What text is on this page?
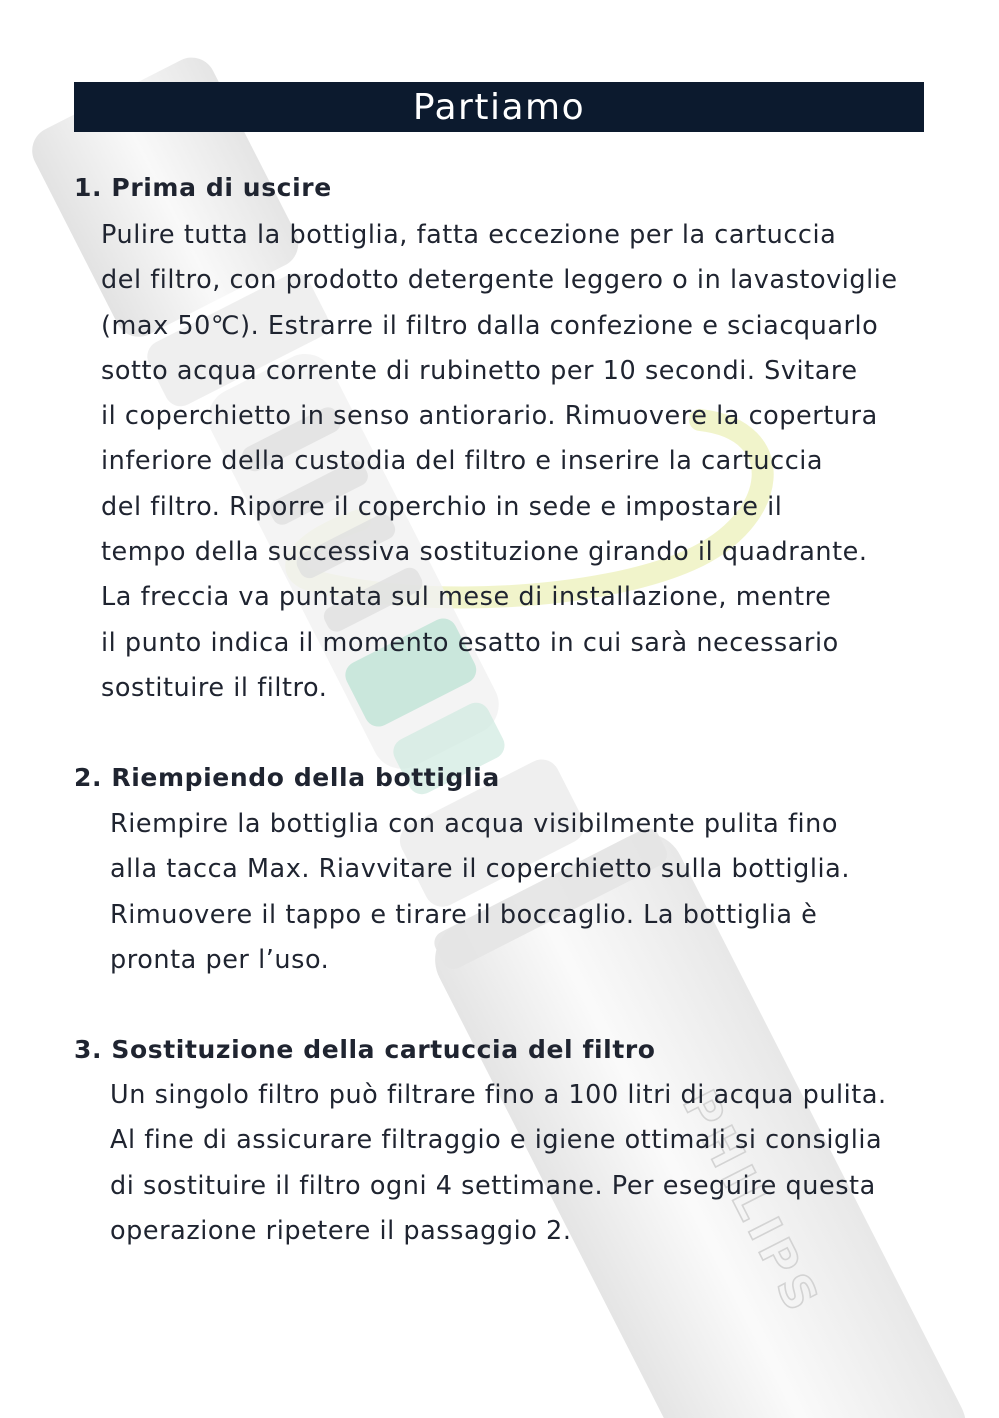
PHILIPS
Partiamo
1. Prima di uscire
Pulire tutta la bottiglia, fatta eccezione per la cartuccia
del filtro, con prodotto detergente leggero o in lavastoviglie
(max 50℃). Estrarre il filtro dalla confezione e sciacquarlo
sotto acqua corrente di rubinetto per 10 secondi. Svitare
il coperchietto in senso antiorario. Rimuovere la copertura
inferiore della custodia del filtro e inserire la cartuccia
del filtro. Riporre il coperchio in sede e impostare il
tempo della successiva sostituzione girando il quadrante.
La freccia va puntata sul mese di installazione, mentre
il punto indica il momento esatto in cui sarà necessario
sostituire il filtro.
2. Riempiendo della bottiglia
Riempire la bottiglia con acqua visibilmente pulita fino
alla tacca Max. Riavvitare il coperchietto sulla bottiglia.
Rimuovere il tappo e tirare il boccaglio. La bottiglia è
pronta per l’uso.
3. Sostituzione della cartuccia del filtro
Un singolo filtro può filtrare fino a 100 litri di acqua pulita.
Al fine di assicurare filtraggio e igiene ottimali si consiglia
di sostituire il filtro ogni 4 settimane. Per eseguire questa
operazione ripetere il passaggio 2.
